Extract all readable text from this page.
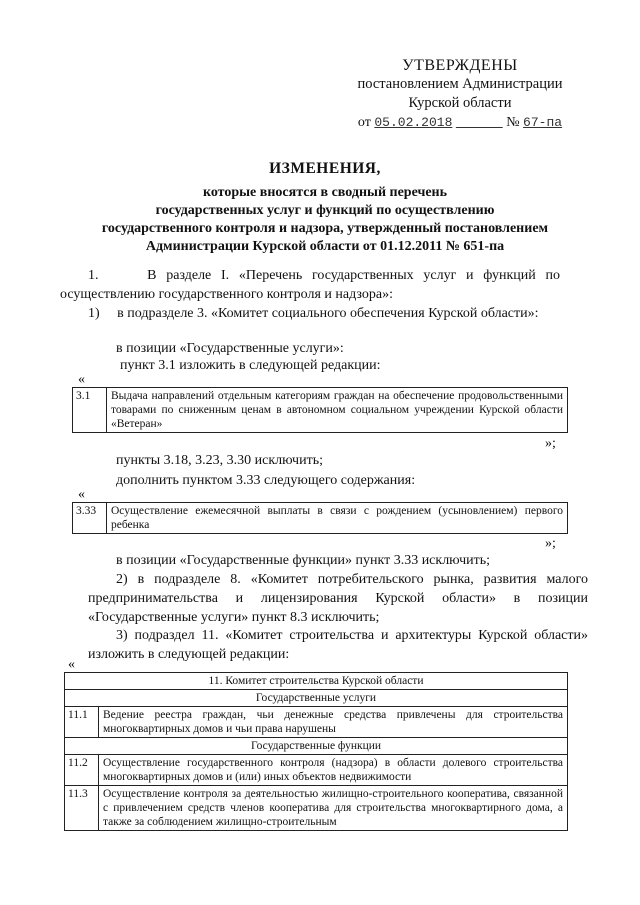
УТВЕРЖДЕНЫ
постановлением Администрации
Курской области
от 05.02.2018	№ 67-па
ИЗМЕНЕНИЯ,
которые вносятся в сводный перечень
государственных услуг и функций по осуществлению
государственного контроля и надзора, утвержденный постановлением
Администрации Курской области от 01.12.2011 № 651-па
1.     В разделе I. «Перечень государственных услуг и функций по осуществлению государственного контроля и надзора»:
1)     в подразделе 3. «Комитет социального обеспечения Курской области»:
в позиции «Государственные услуги»:
пункт 3.1 изложить в следующей редакции:
«
3.1	Выдача направлений отдельным категориям граждан на обеспечение продовольственными товарами по сниженным ценам в автономном социальном учреждении Курской области «Ветеран»
»;
пункты 3.18, 3.23, 3.30 исключить;
дополнить пунктом 3.33 следующего содержания:
«
3.33	Осуществление ежемесячной выплаты в связи с рождением (усыновлением) первого ребенка
»;
в позиции «Государственные функции» пункт 3.33 исключить;
2) в подразделе 8. «Комитет потребительского рынка, развития малого предпринимательства и лицензирования Курской области» в позиции «Государственные услуги» пункт 8.3 исключить;
3) подраздел 11. «Комитет строительства и архитектуры Курской области» изложить в следующей редакции:
«
11. Комитет строительства Курской области	
Государственные услуги	
11.1	Ведение реестра граждан, чьи денежные средства привлечены для строительства многоквартирных домов и чьи права нарушены
Государственные функции	
11.2	Осуществление государственного контроля (надзора) в области долевого строительства многоквартирных домов и (или) иных объектов недвижимости
11.3	Осуществление контроля за деятельностью жилищно-строительного кооператива, связанной с привлечением средств членов кооператива для строительства многоквартирного дома, а также за соблюдением жилищно-строительным
